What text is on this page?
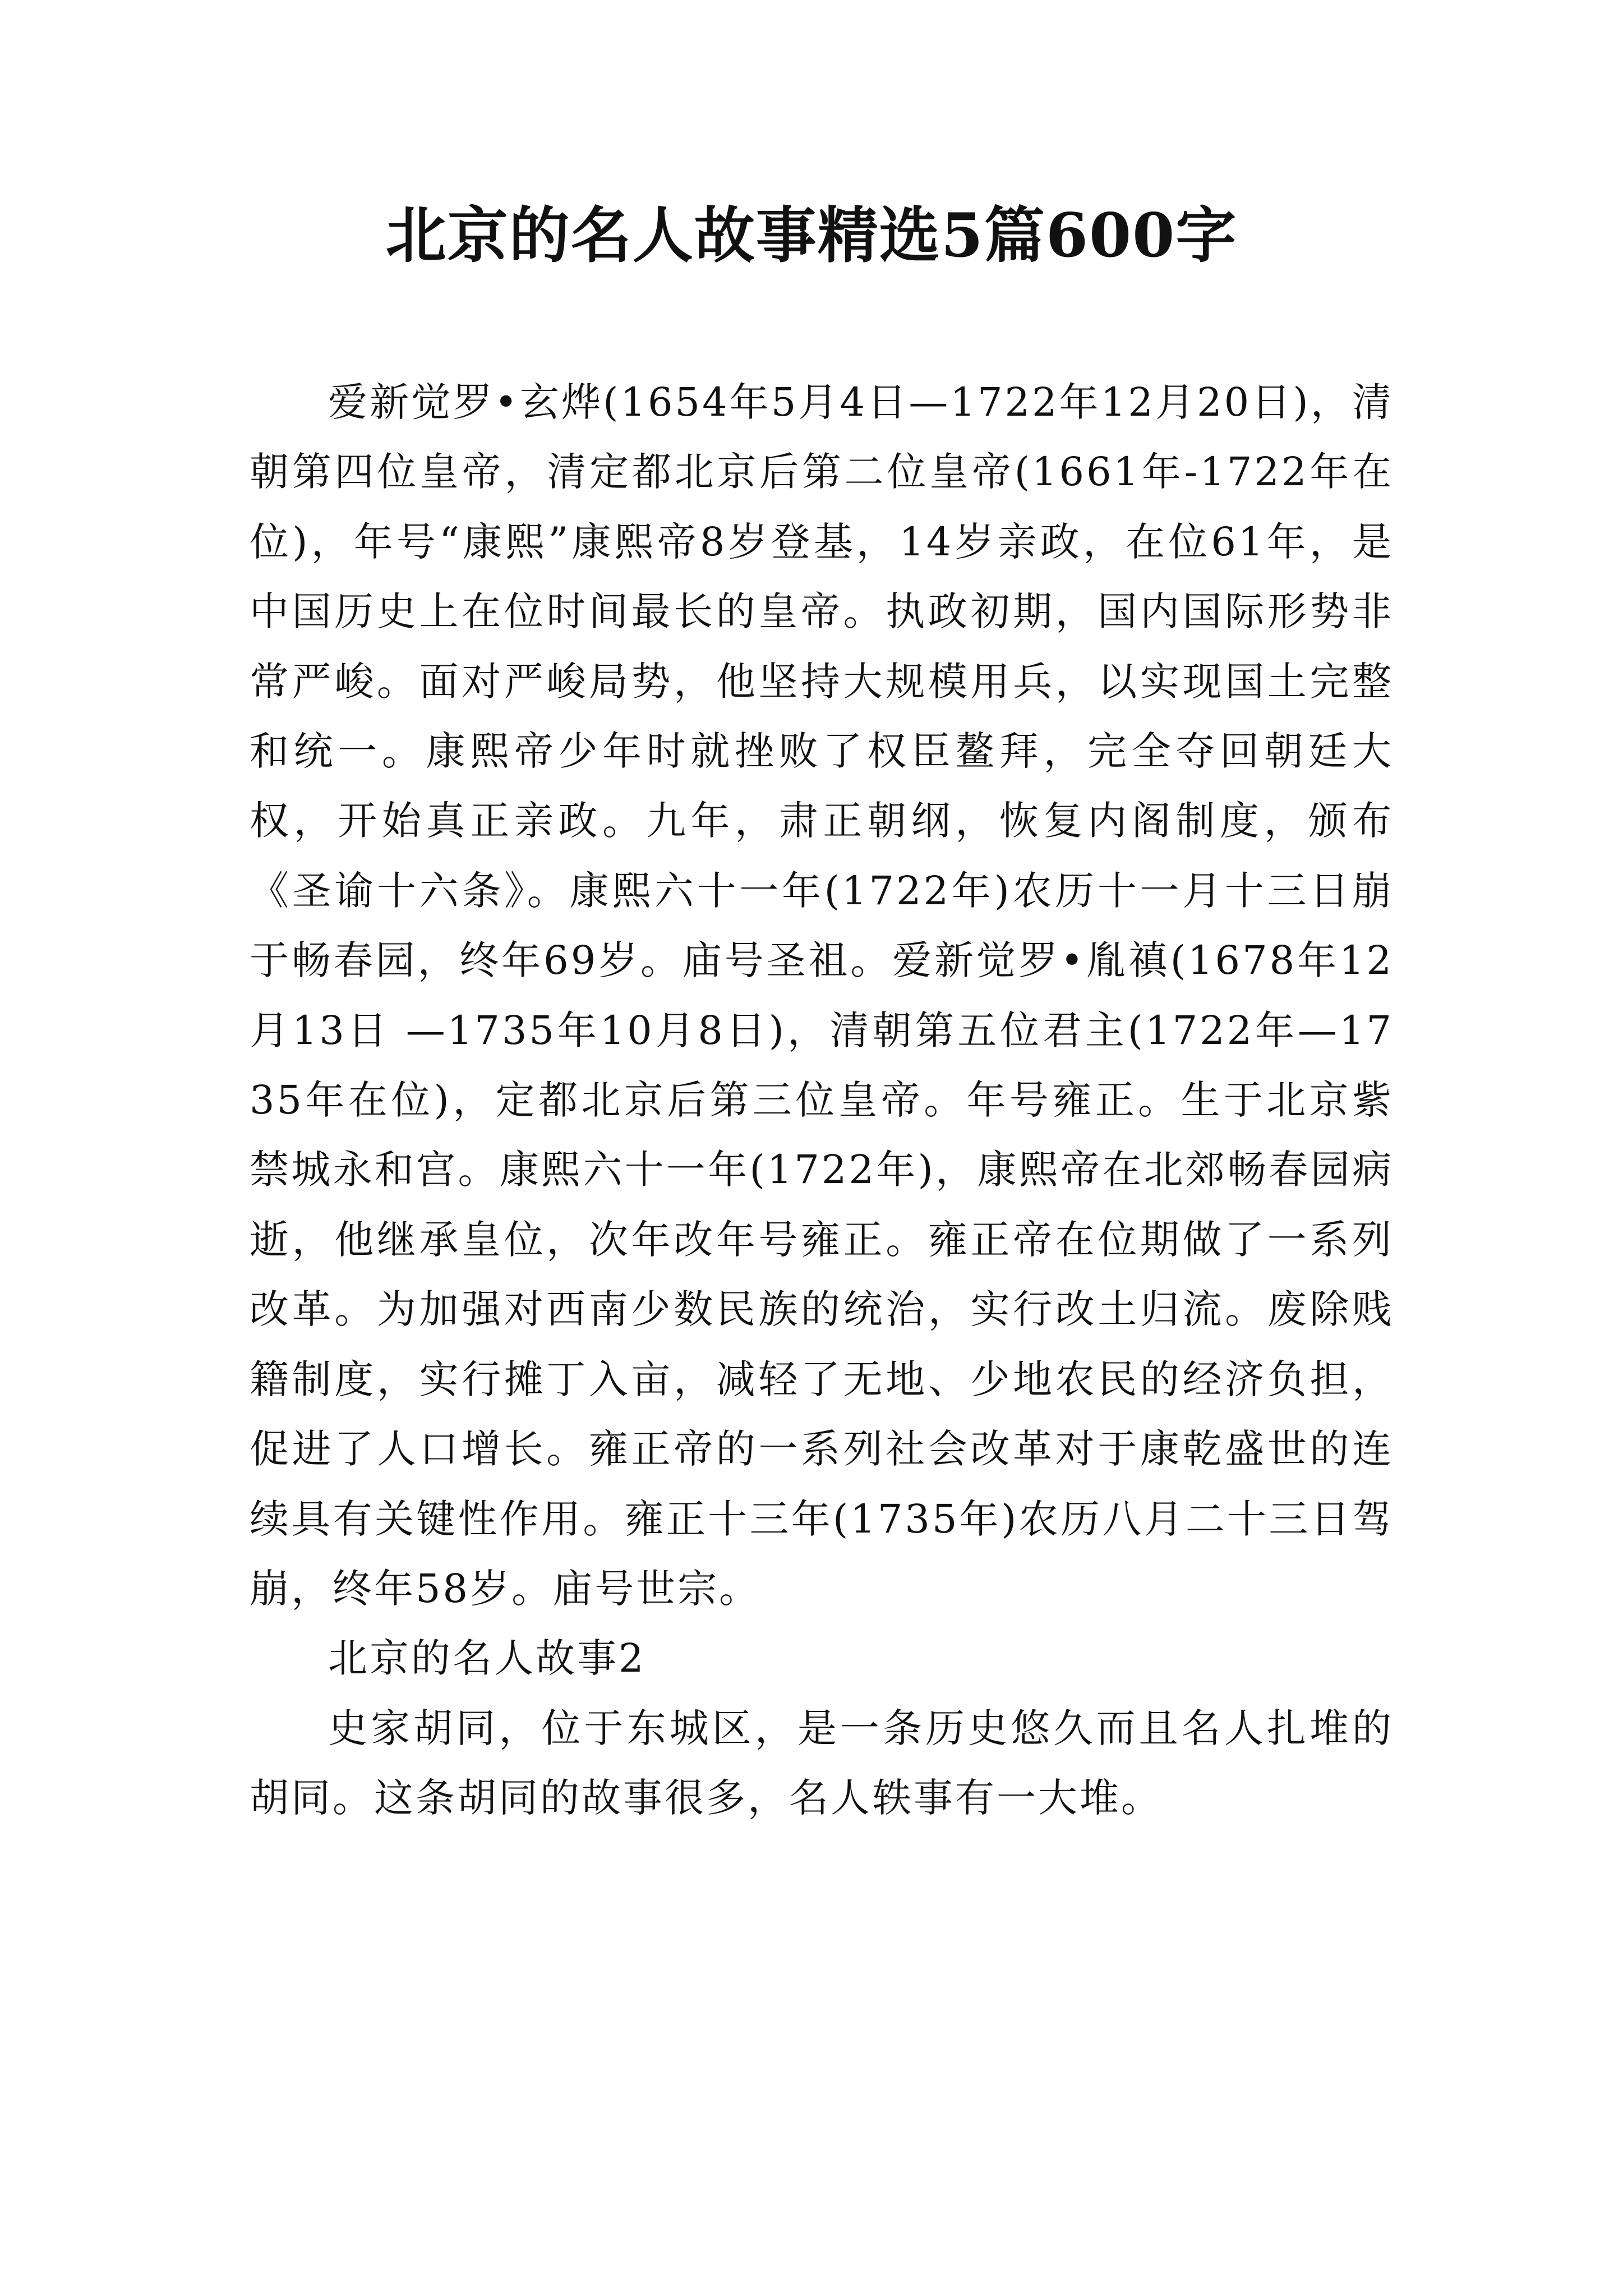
北京的名人故事精选5篇600字

爱新觉罗•玄烨(1654年5月4日—1722年12月20日)，清朝第四位皇帝，清定都北京后第二位皇帝(1661年-1722年在位)，年号“康熙”康熙帝8岁登基，14岁亲政，在位61年，是中国历史上在位时间最长的皇帝。执政初期，国内国际形势非常严峻。面对严峻局势，他坚持大规模用兵，以实现国土完整和统一。康熙帝少年时就挫败了权臣鳌拜，完全夺回朝廷大权，开始真正亲政。九年，肃正朝纲，恢复内阁制度，颁布《圣谕十六条》。康熙六十一年(1722年)农历十一月十三日崩于畅春园，终年69岁。庙号圣祖。爱新觉罗•胤禛(1678年12月13日 —1735年10月8日)，清朝第五位君主(1722年—1735年在位)，定都北京后第三位皇帝。年号雍正。生于北京紫禁城永和宫。康熙六十一年(1722年)，康熙帝在北郊畅春园病逝，他继承皇位，次年改年号雍正。雍正帝在位期做了一系列改革。为加强对西南少数民族的统治，实行改土归流。废除贱籍制度，实行摊丁入亩，减轻了无地、少地农民的经济负担，促进了人口增长。雍正帝的一系列社会改革对于康乾盛世的连续具有关键性作用。雍正十三年(1735年)农历八月二十三日驾崩，终年58岁。庙号世宗。

北京的名人故事2

史家胡同，位于东城区，是一条历史悠久而且名人扎堆的胡同。这条胡同的故事很多，名人轶事有一大堆。
